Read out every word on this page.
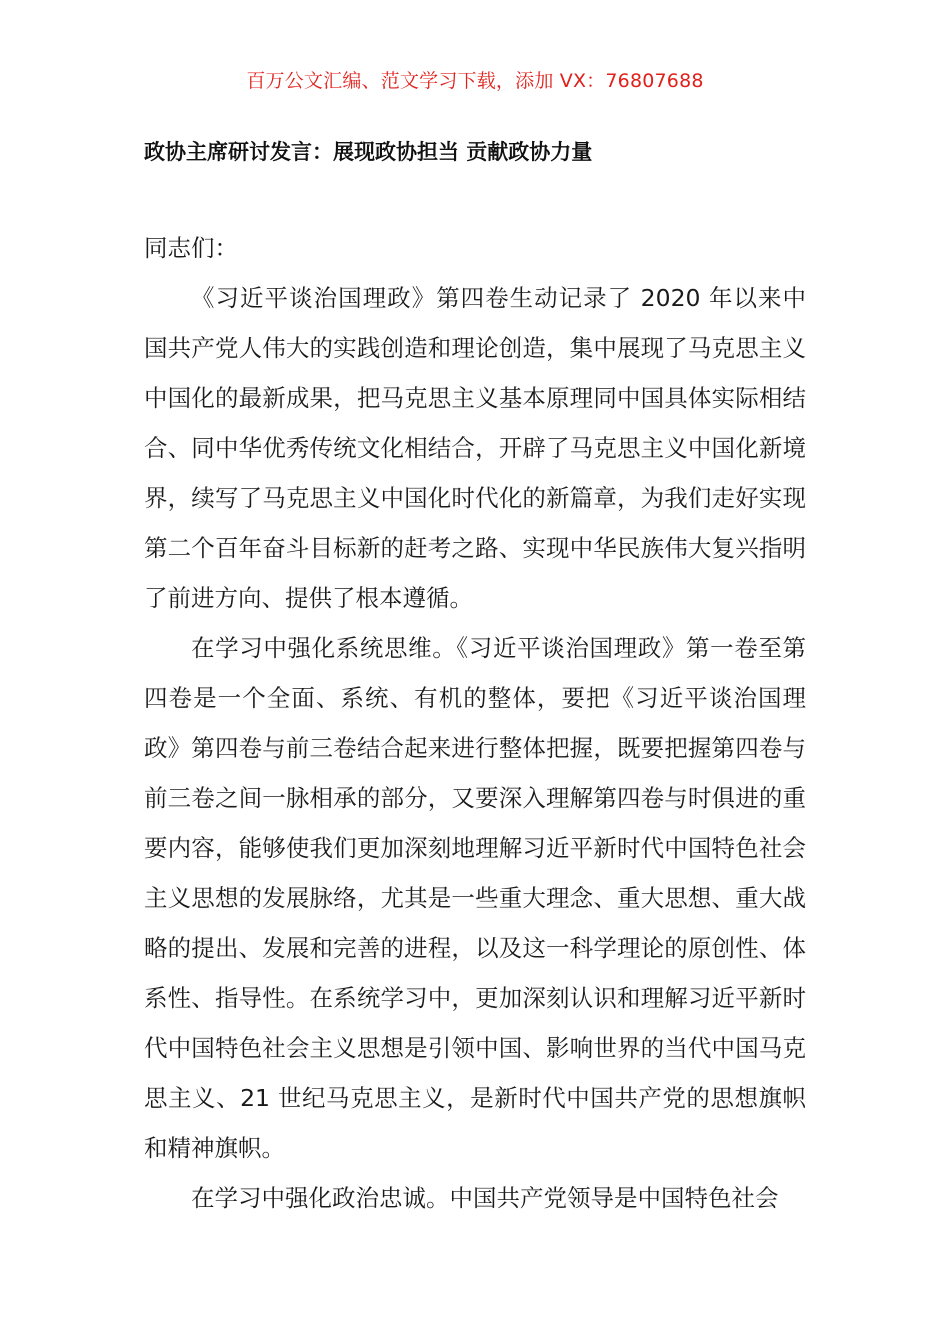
百万公文汇编、范文学习下载，添加 VX：76807688
政协主席研讨发言：展现政协担当 贡献政协力量

同志们：

《习近平谈治国理政》第四卷生动记录了 2020 年以来中国共产党人伟大的实践创造和理论创造，集中展现了马克思主义中国化的最新成果，把马克思主义基本原理同中国具体实际相结合、同中华优秀传统文化相结合，开辟了马克思主义中国化新境界，续写了马克思主义中国化时代化的新篇章，为我们走好实现第二个百年奋斗目标新的赶考之路、实现中华民族伟大复兴指明了前进方向、提供了根本遵循。

在学习中强化系统思维。《习近平谈治国理政》第一卷至第四卷是一个全面、系统、有机的整体，要把《习近平谈治国理政》第四卷与前三卷结合起来进行整体把握，既要把握第四卷与前三卷之间一脉相承的部分，又要深入理解第四卷与时俱进的重要内容，能够使我们更加深刻地理解习近平新时代中国特色社会主义思想的发展脉络，尤其是一些重大理念、重大思想、重大战略的提出、发展和完善的进程，以及这一科学理论的原创性、体系性、指导性。在系统学习中，更加深刻认识和理解习近平新时代中国特色社会主义思想是引领中国、影响世界的当代中国马克思主义、21 世纪马克思主义，是新时代中国共产党的思想旗帜和精神旗帜。

在学习中强化政治忠诚。中国共产党领导是中国特色社会
